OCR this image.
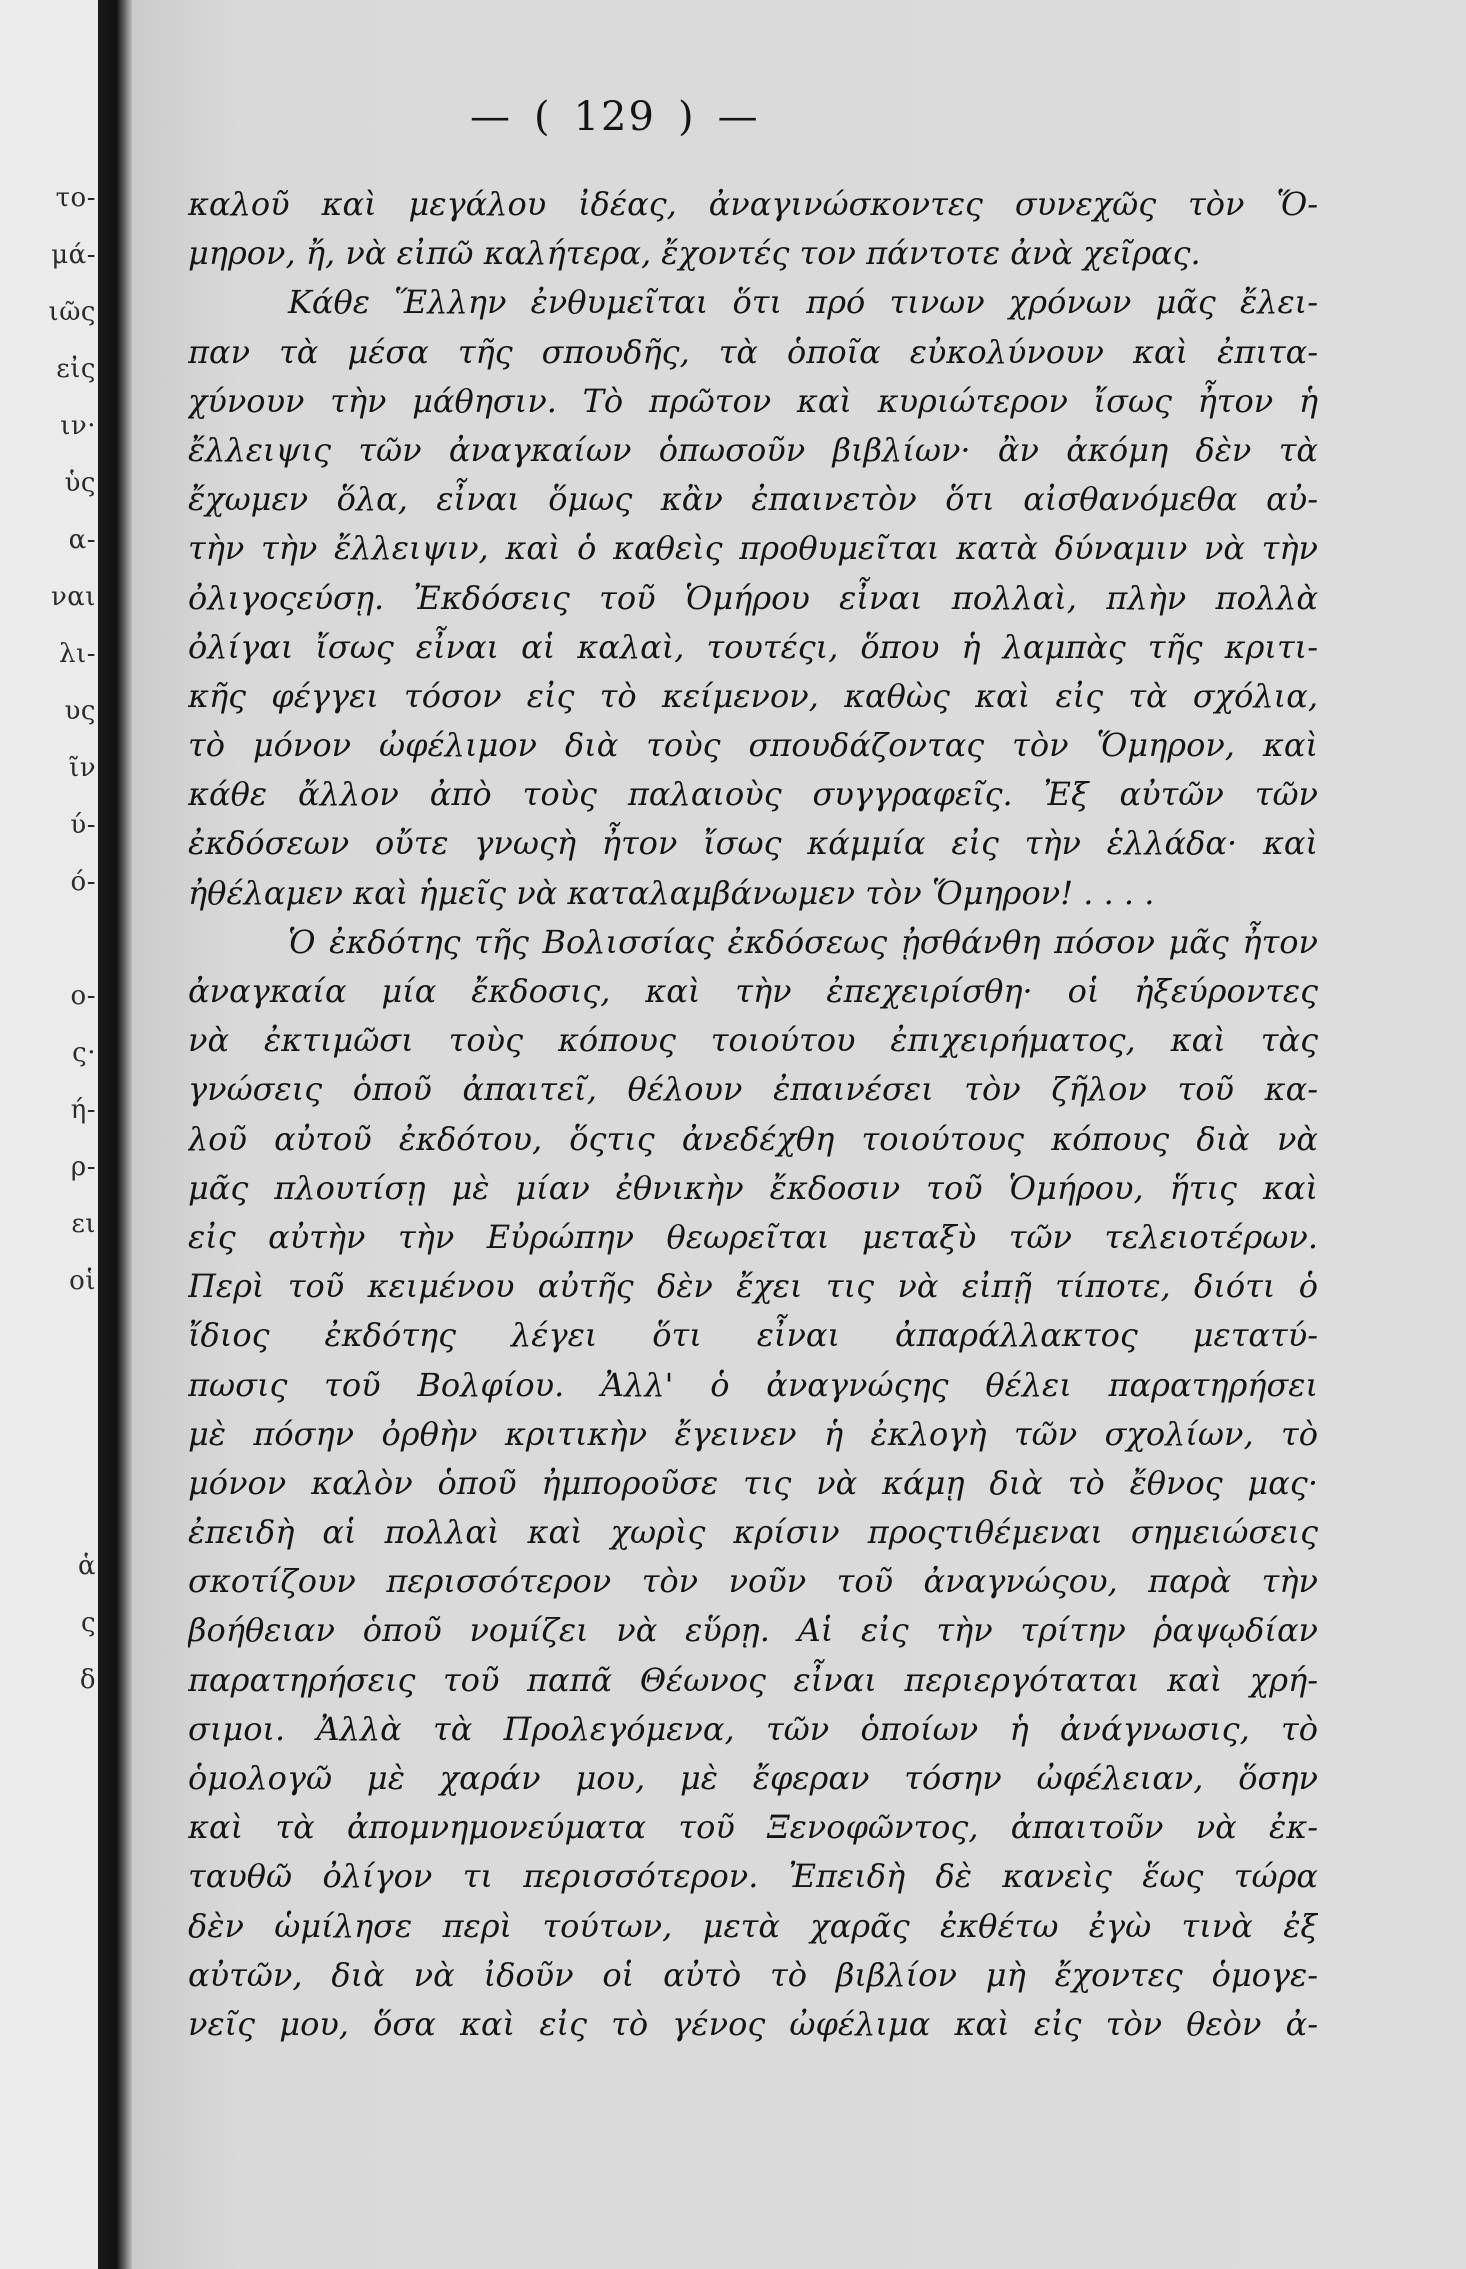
το-
μά-
ιῶς
εἰς
ιν·
ὑς
α-
ναι
λι-
υς
ῖν
ύ-
ό-
ο-
ς·
ή-
ρ-
ει
οἱ
ἁ
ς
δ
— ( 129 ) —
καλοῦ καὶ μεγάλου ἰδέας, ἀναγινώσκοντες συνεχῶς τὸν Ὅ-
μηρον, ἤ, νὰ εἰπῶ καλήτερα, ἔχοντές τον πάντοτε ἀνὰ χεῖρας.
Κάθε Ἕλλην ἐνθυμεῖται ὅτι πρό τινων χρόνων μᾶς ἔλει-
παν τὰ μέσα τῆς σπουδῆς, τὰ ὁποῖα εὐκολύνουν καὶ ἐπιτα-
χύνουν τὴν μάθησιν. Τὸ πρῶτον καὶ κυριώτερον ἴσως ἦτον ἡ
ἔλλειψις τῶν ἀναγκαίων ὁπωσοῦν βιβλίων· ἂν ἀκόμη δὲν τὰ
ἔχωμεν ὅλα, εἶναι ὅμως κἂν ἐπαινετὸν ὅτι αἰσθανόμεθα αὐ-
τὴν τὴν ἔλλειψιν, καὶ ὁ καθεὶς προθυμεῖται κατὰ δύναμιν νὰ τὴν
ὀλιγοςεύσῃ. Ἐκδόσεις τοῦ Ὁμήρου εἶναι πολλαὶ, πλὴν πολλὰ
ὀλίγαι ἴσως εἶναι αἱ καλαὶ, τουτέςι, ὅπου ἡ λαμπὰς τῆς κριτι-
κῆς φέγγει τόσον εἰς τὸ κείμενον, καθὼς καὶ εἰς τὰ σχόλια,
τὸ μόνον ὠφέλιμον διὰ τοὺς σπουδάζοντας τὸν Ὅμηρον, καὶ
κάθε ἄλλον ἀπὸ τοὺς παλαιοὺς συγγραφεῖς. Ἐξ αὐτῶν τῶν
ἐκδόσεων οὔτε γνωςὴ ἦτον ἴσως κάμμία εἰς τὴν ἑλλάδα· καὶ
ἠθέλαμεν καὶ ἡμεῖς νὰ καταλαμβάνωμεν τὸν Ὅμηρον! . . . .
Ὁ ἐκδότης τῆς Βολισσίας ἐκδόσεως ᾐσθάνθη πόσον μᾶς ἦτον
ἀναγκαία μία ἔκδοσις, καὶ τὴν ἐπεχειρίσθη· οἱ ἠξεύροντες
νὰ ἐκτιμῶσι τοὺς κόπους τοιούτου ἐπιχειρήματος, καὶ τὰς
γνώσεις ὁποῦ ἀπαιτεῖ, θέλουν ἐπαινέσει τὸν ζῆλον τοῦ κα-
λοῦ αὐτοῦ ἐκδότου, ὅςτις ἀνεδέχθη τοιούτους κόπους διὰ νὰ
μᾶς πλουτίσῃ μὲ μίαν ἐθνικὴν ἔκδοσιν τοῦ Ὁμήρου, ἥτις καὶ
εἰς αὐτὴν τὴν Εὐρώπην θεωρεῖται μεταξὺ τῶν τελειοτέρων.
Περὶ τοῦ κειμένου αὐτῆς δὲν ἔχει τις νὰ εἰπῇ τίποτε, διότι ὁ
ἴδιος ἐκδότης λέγει ὅτι εἶναι ἀπαράλλακτος μετατύ-
πωσις τοῦ Βολφίου. Ἀλλ' ὁ ἀναγνώςης θέλει παρατηρήσει
μὲ πόσην ὀρθὴν κριτικὴν ἔγεινεν ἡ ἐκλογὴ τῶν σχολίων, τὸ
μόνον καλὸν ὁποῦ ἠμποροῦσε τις νὰ κάμῃ διὰ τὸ ἔθνος μας·
ἐπειδὴ αἱ πολλαὶ καὶ χωρὶς κρίσιν προςτιθέμεναι σημειώσεις
σκοτίζουν περισσότερον τὸν νοῦν τοῦ ἀναγνώςου, παρὰ τὴν
βοήθειαν ὁποῦ νομίζει νὰ εὕρῃ. Αἱ εἰς τὴν τρίτην ῥαψῳδίαν
παρατηρήσεις τοῦ παπᾶ Θέωνος εἶναι περιεργόταται καὶ χρή-
σιμοι. Ἀλλὰ τὰ Προλεγόμενα, τῶν ὁποίων ἡ ἀνάγνωσις, τὸ
ὁμολογῶ μὲ χαράν μου, μὲ ἔφεραν τόσην ὠφέλειαν, ὅσην
καὶ τὰ ἀπομνημονεύματα τοῦ Ξενοφῶντος, ἀπαιτοῦν νὰ ἐκ-
ταυθῶ ὀλίγον τι περισσότερον. Ἐπειδὴ δὲ κανεὶς ἕως τώρα
δὲν ὡμίλησε περὶ τούτων, μετὰ χαρᾶς ἐκθέτω ἐγὼ τινὰ ἐξ
αὐτῶν, διὰ νὰ ἰδοῦν οἱ αὐτὸ τὸ βιβλίον μὴ ἔχοντες ὁμογε-
νεῖς μου, ὅσα καὶ εἰς τὸ γένος ὠφέλιμα καὶ εἰς τὸν θεὸν ἀ-
